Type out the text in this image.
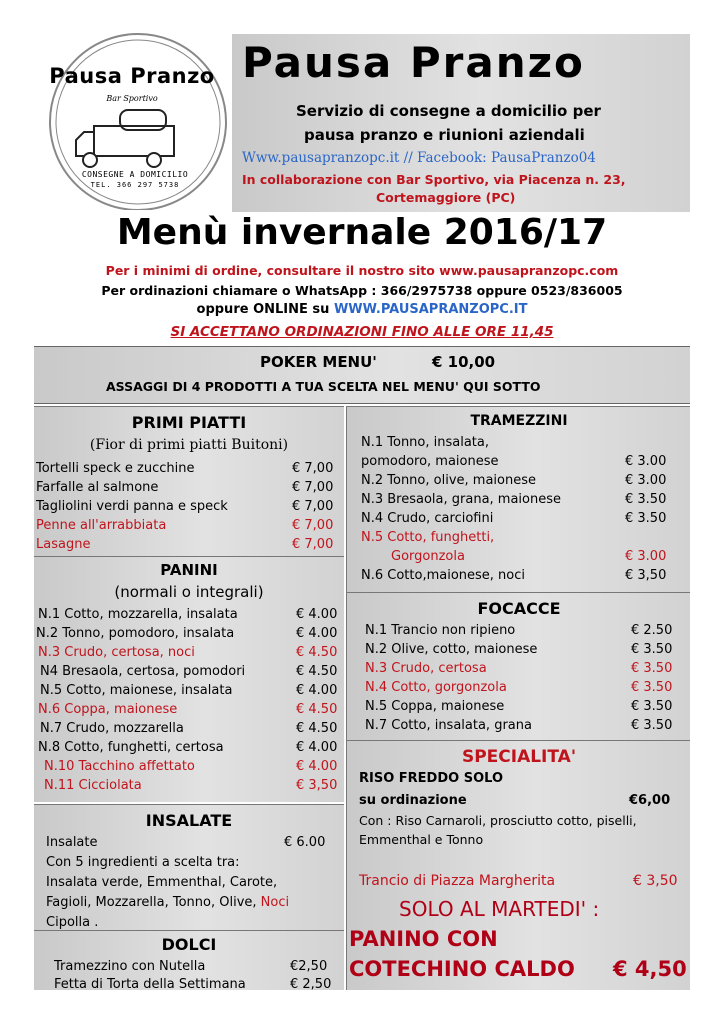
Pausa Pranzo
Bar Sportivo
CONSEGNE A DOMICILIO
TEL. 366 297 5738
Pausa Pranzo
Servizio di consegne a domicilio per
pausa pranzo e riunioni aziendali
Www.pausapranzopc.it // Facebook: PausaPranzo04
In collaborazione con Bar Sportivo, via Piacenza n. 23,
Cortemaggiore (PC)
Menù invernale 2016/17
Per i minimi di ordine, consultare il nostro sito www.pausapranzopc.com
Per ordinazioni chiamare o WhatsApp : 366/2975738 oppure 0523/836005
oppure ONLINE su WWW.PAUSAPRANZOPC.IT
SI ACCETTANO ORDINAZIONI FINO ALLE ORE 11,45
POKER MENU'	€ 10,00
ASSAGGI DI 4 PRODOTTI A TUA SCELTA NEL MENU' QUI SOTTO
PRIMI PIATTI
(Fior di primi piatti Buitoni)
Tortelli speck e zucchine	€ 7,00
Farfalle al salmone	€ 7,00
Tagliolini verdi panna e speck	€ 7,00
Penne all'arrabbiata	€ 7,00
Lasagne	€ 7,00
PANINI
(normali o integrali)
N.1 Cotto, mozzarella, insalata	€ 4.00
N.2 Tonno, pomodoro, insalata	€ 4.00
N.3 Crudo, certosa, noci	€ 4.50
N4 Bresaola, certosa, pomodori	€ 4.50
N.5 Cotto, maionese, insalata	€ 4.00
N.6 Coppa, maionese	€ 4.50
N.7 Crudo, mozzarella	€ 4.50
N.8 Cotto, funghetti, certosa	€ 4.00
N.10 Tacchino affettato	€ 4.00
N.11 Cicciolata	€ 3,50
INSALATE
Insalate	€ 6.00
Con 5 ingredienti a scelta tra:
Insalata verde, Emmenthal, Carote,
Fagioli, Mozzarella, Tonno, Olive, Noci
Cipolla .
DOLCI
Tramezzino con Nutella	€2,50
Fetta di Torta della Settimana	€ 2,50
TRAMEZZINI
N.1 Tonno, insalata,
pomodoro, maionese	€ 3.00
N.2 Tonno, olive, maionese	€ 3.00
N.3 Bresaola, grana, maionese	€ 3.50
N.4 Crudo, carciofini	€ 3.50
N.5 Cotto, funghetti,
Gorgonzola	€ 3.00
N.6 Cotto,maionese, noci	€ 3,50
FOCACCE
N.1 Trancio non ripieno	€ 2.50
N.2 Olive, cotto, maionese	€ 3.50
N.3 Crudo, certosa	€ 3.50
N.4 Cotto, gorgonzola	€ 3.50
N.5 Coppa, maionese	€ 3.50
N.7 Cotto, insalata, grana	€ 3.50
SPECIALITA'
RISO FREDDO SOLO
su ordinazione	€6,00
Con : Riso Carnaroli, prosciutto cotto, piselli,
Emmenthal e Tonno
Trancio di Piazza Margherita	€ 3,50
SOLO AL MARTEDI' :
PANINO CON
COTECHINO CALDO € 4,50
